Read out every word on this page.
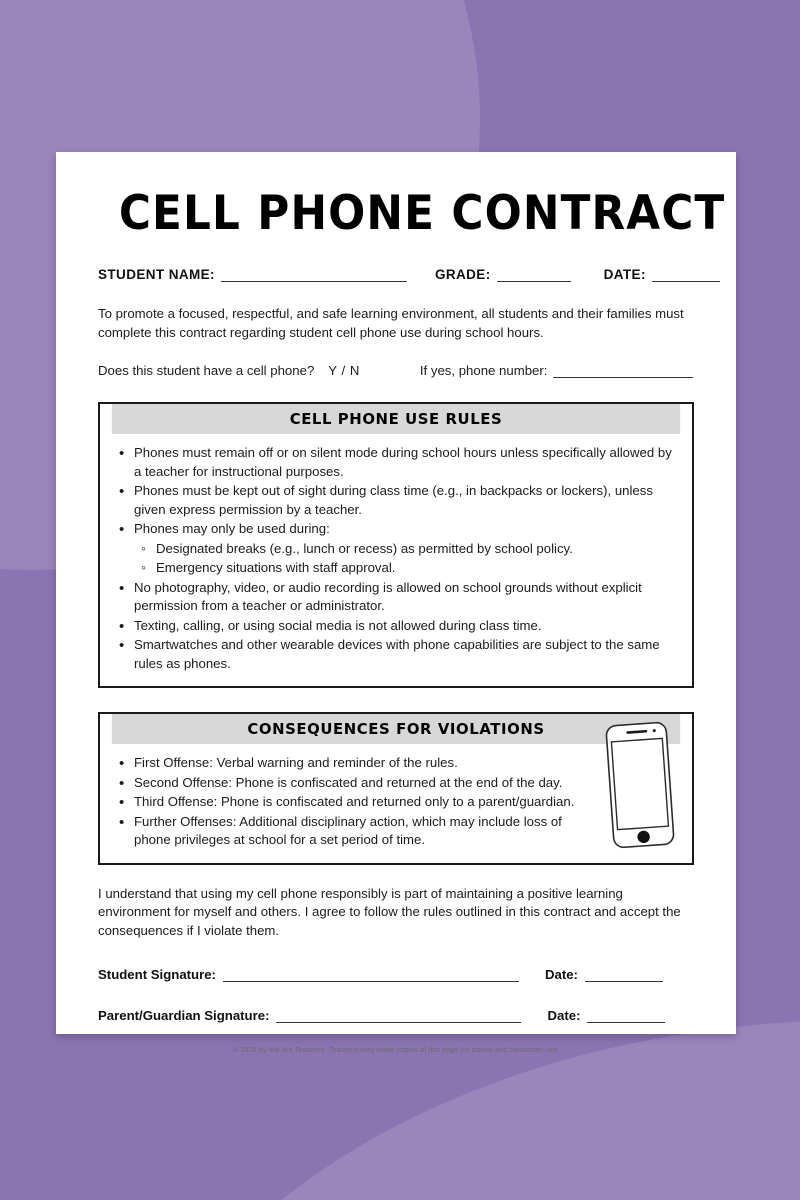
CELL PHONE CONTRACT
STUDENT NAME:	GRADE:	DATE:

To promote a focused, respectful, and safe learning environment, all students and their families must complete this contract regarding student cell phone use during school hours.

Does this student have a cell phone? Y / N	If yes, phone number:
CELL PHONE USE RULES
• Phones must remain off or on silent mode during school hours unless specifically allowed by a teacher for instructional purposes.
• Phones must be kept out of sight during class time (e.g., in backpacks or lockers), unless given express permission by a teacher.
• Phones may only be used during:
◦ Designated breaks (e.g., lunch or recess) as permitted by school policy.
◦ Emergency situations with staff approval.
• No photography, video, or audio recording is allowed on school grounds without explicit permission from a teacher or administrator.
• Texting, calling, or using social media is not allowed during class time.
• Smartwatches and other wearable devices with phone capabilities are subject to the same rules as phones.
CONSEQUENCES FOR VIOLATIONS
• First Offense: Verbal warning and reminder of the rules.
• Second Offense: Phone is confiscated and returned at the end of the day.
• Third Offense: Phone is confiscated and returned only to a parent/guardian.
• Further Offenses: Additional disciplinary action, which may include loss of phone privileges at school for a set period of time.

I understand that using my cell phone responsibly is part of maintaining a positive learning environment for myself and others. I agree to follow the rules outlined in this contract and accept the consequences if I violate them.

Student Signature:	Date:
Parent/Guardian Signature:	Date:
© 2025 by We Are Teachers. Teachers may make copies of this page for school and classroom use.
